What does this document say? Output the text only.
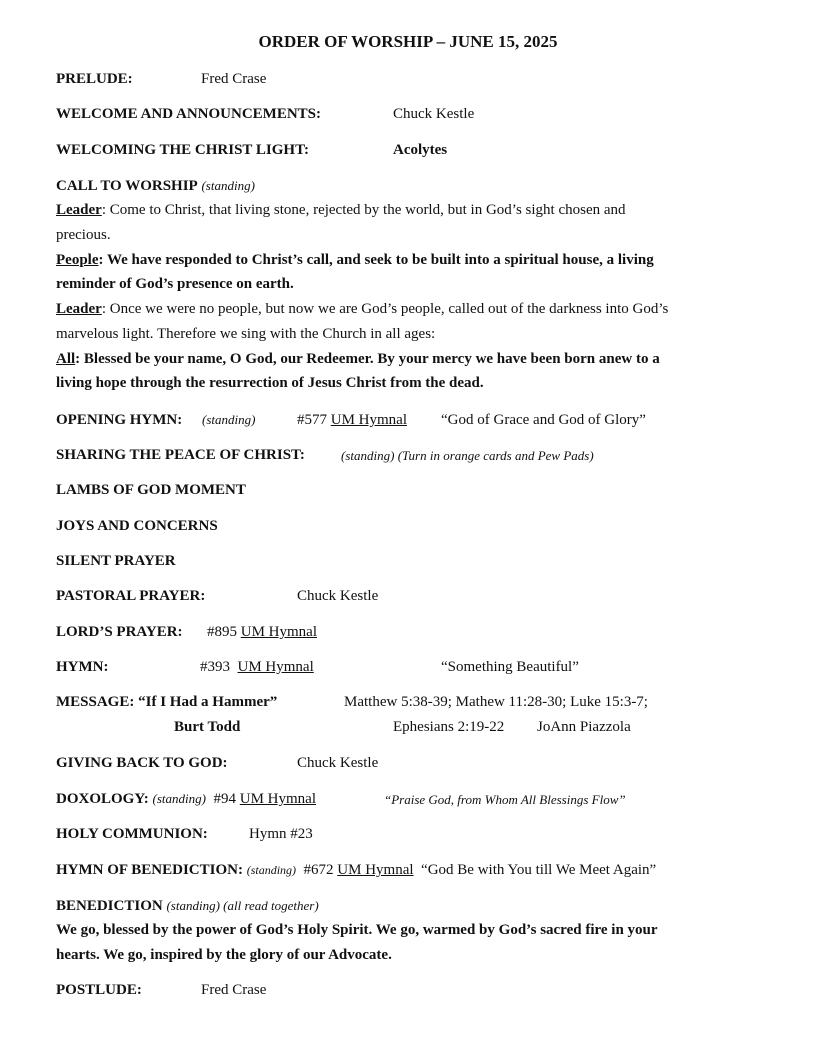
ORDER OF WORSHIP – JUNE 15, 2025
PRELUDE:	Fred Crase
WELCOME AND ANNOUNCEMENTS:	Chuck Kestle
WELCOMING THE CHRIST LIGHT:	Acolytes
CALL TO WORSHIP (standing)
Leader: Come to Christ, that living stone, rejected by the world, but in God’s sight chosen and
precious.
People: We have responded to Christ’s call, and seek to be built into a spiritual house, a living
reminder of God’s presence on earth.
Leader: Once we were no people, but now we are God’s people, called out of the darkness into God’s
marvelous light. Therefore we sing with the Church in all ages:
All: Blessed be your name, O God, our Redeemer. By your mercy we have been born anew to a
living hope through the resurrection of Jesus Christ from the dead.
OPENING HYMN: (standing)	#577 UM Hymnal “God of Grace and God of Glory”
SHARING THE PEACE OF CHRIST:	(standing) (Turn in orange cards and Pew Pads)
LAMBS OF GOD MOMENT
JOYS AND CONCERNS
SILENT PRAYER
PASTORAL PRAYER:	Chuck Kestle
LORD’S PRAYER: #895 UM Hymnal
HYMN:	#393 UM Hymnal	“Something Beautiful”
MESSAGE: “If I Had a Hammer”	Matthew 5:38-39; Mathew 11:28-30; Luke 15:3-7;
Burt Todd	Ephesians 2:19-22 JoAnn Piazzola
GIVING BACK TO GOD:	Chuck Kestle
DOXOLOGY: (standing) #94 UM Hymnal	“Praise God, from Whom All Blessings Flow”
HOLY COMMUNION:	Hymn #23
HYMN OF BENEDICTION: (standing) #672 UM Hymnal “God Be with You till We Meet Again”
BENEDICTION (standing) (all read together)
We go, blessed by the power of God’s Holy Spirit. We go, warmed by God’s sacred fire in your
hearts. We go, inspired by the glory of our Advocate.
POSTLUDE:	Fred Crase
